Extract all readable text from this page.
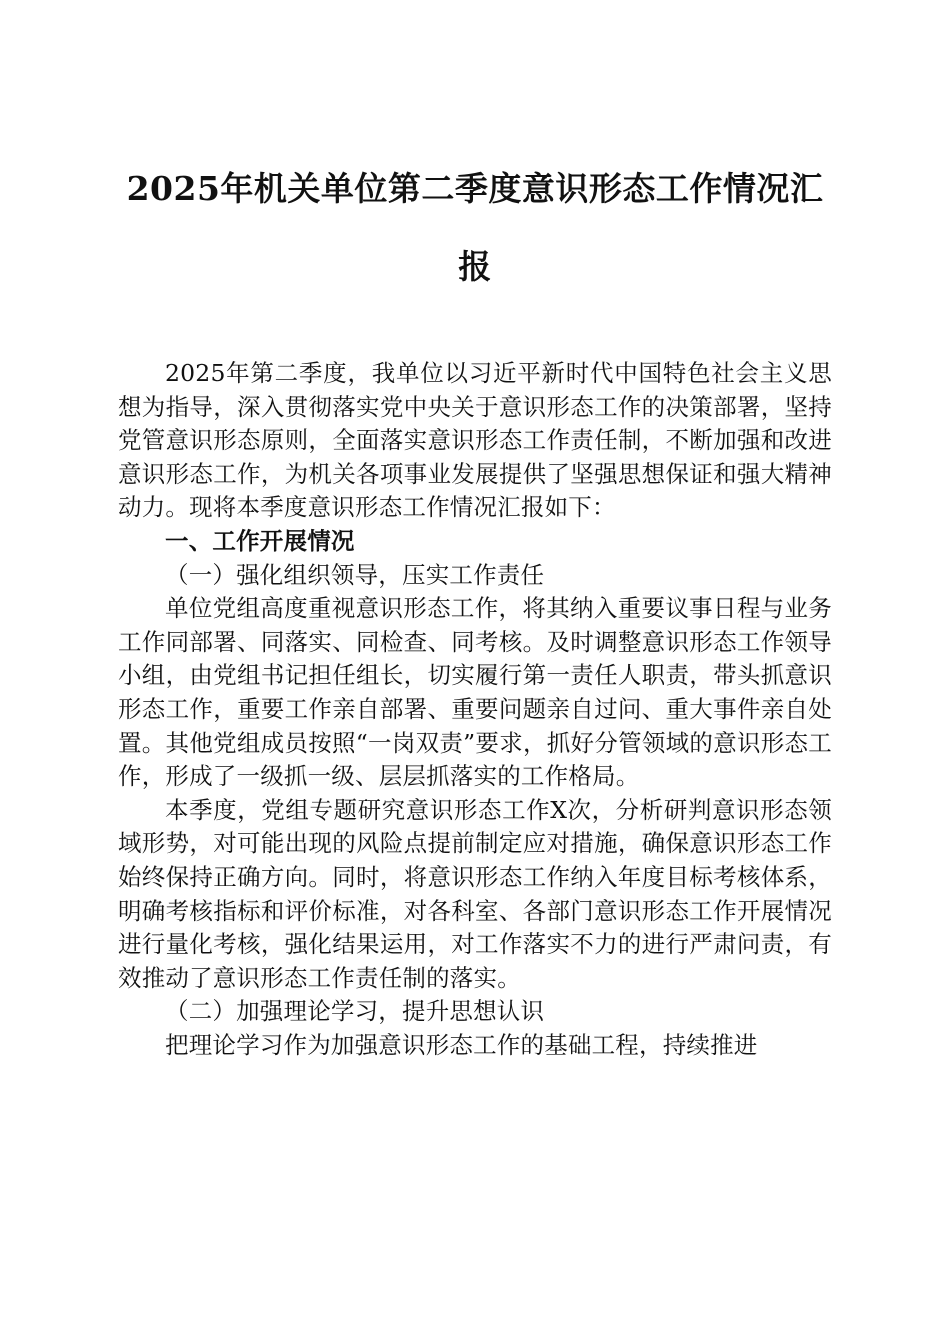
2025年机关单位第二季度意识形态工作情况汇报

2025年第二季度，我单位以习近平新时代中国特色社会主义思想为指导，深入贯彻落实党中央关于意识形态工作的决策部署，坚持党管意识形态原则，全面落实意识形态工作责任制，不断加强和改进意识形态工作，为机关各项事业发展提供了坚强思想保证和强大精神动力。现将本季度意识形态工作情况汇报如下：

一、工作开展情况

（一）强化组织领导，压实工作责任

单位党组高度重视意识形态工作，将其纳入重要议事日程与业务工作同部署、同落实、同检查、同考核。及时调整意识形态工作领导小组，由党组书记担任组长，切实履行第一责任人职责，带头抓意识形态工作，重要工作亲自部署、重要问题亲自过问、重大事件亲自处置。其他党组成员按照“一岗双责”要求，抓好分管领域的意识形态工作，形成了一级抓一级、层层抓落实的工作格局。

本季度，党组专题研究意识形态工作X次，分析研判意识形态领域形势，对可能出现的风险点提前制定应对措施，确保意识形态工作始终保持正确方向。同时，将意识形态工作纳入年度目标考核体系，明确考核指标和评价标准，对各科室、各部门意识形态工作开展情况进行量化考核，强化结果运用，对工作落实不力的进行严肃问责，有效推动了意识形态工作责任制的落实。

（二）加强理论学习，提升思想认识

把理论学习作为加强意识形态工作的基础工程，持续推进
